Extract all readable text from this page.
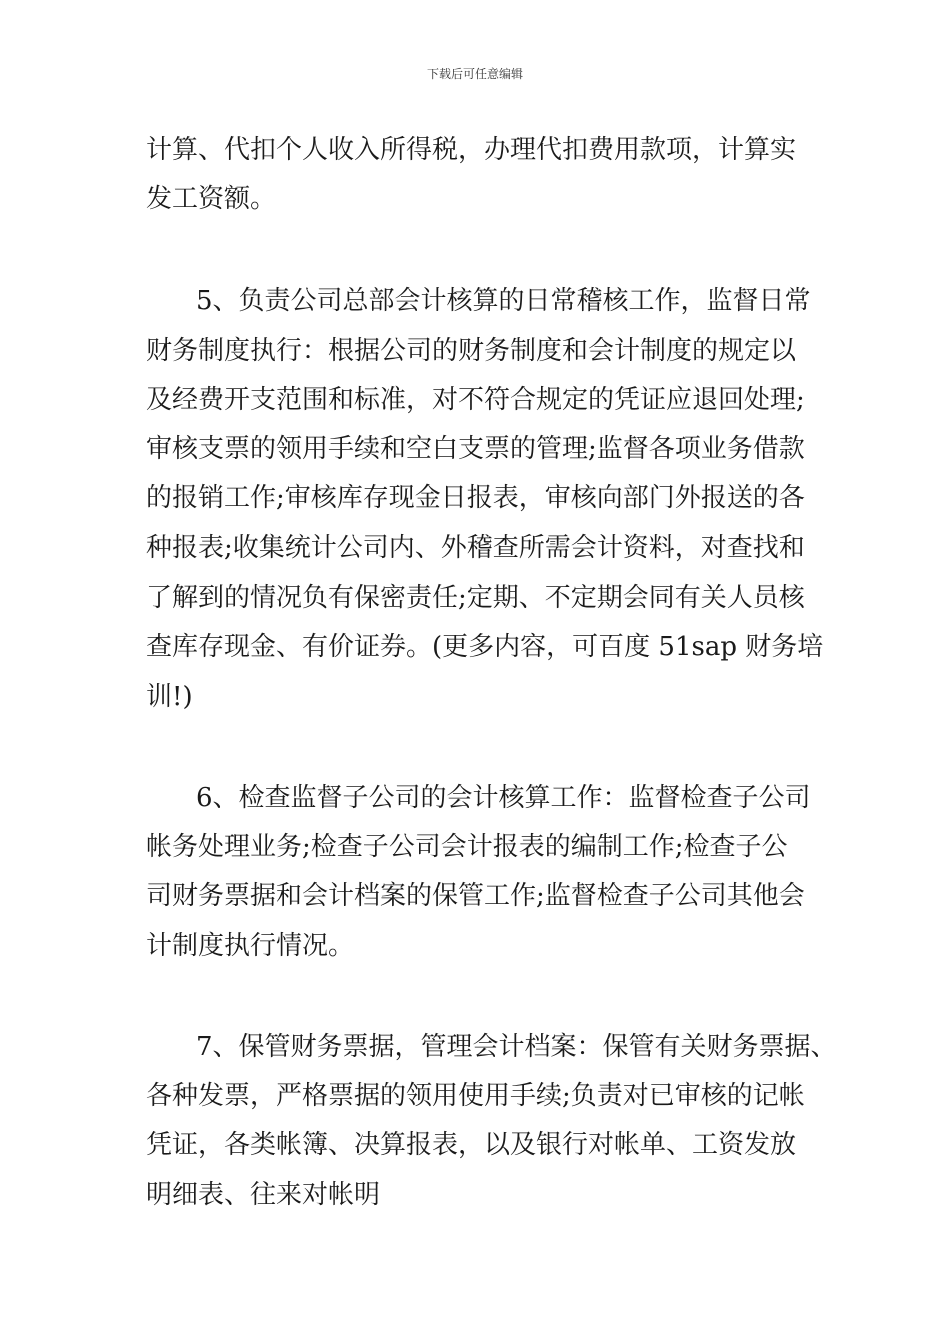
下载后可任意编辑
计算、代扣个人收入所得税，办理代扣费用款项，计算实
发工资额。
5、负责公司总部会计核算的日常稽核工作，监督日常
财务制度执行：根据公司的财务制度和会计制度的规定以
及经费开支范围和标准，对不符合规定的凭证应退回处理;
审核支票的领用手续和空白支票的管理;监督各项业务借款
的报销工作;审核库存现金日报表，审核向部门外报送的各
种报表;收集统计公司内、外稽查所需会计资料，对查找和
了解到的情况负有保密责任;定期、不定期会同有关人员核
查库存现金、有价证券。(更多内容，可百度 51sap 财务培
训!)
6、检查监督子公司的会计核算工作：监督检查子公司
帐务处理业务;检查子公司会计报表的编制工作;检查子公
司财务票据和会计档案的保管工作;监督检查子公司其他会
计制度执行情况。
7、保管财务票据，管理会计档案：保管有关财务票据、
各种发票，严格票据的领用使用手续;负责对已审核的记帐
凭证，各类帐簿、决算报表，以及银行对帐单、工资发放
明细表、往来对帐明
